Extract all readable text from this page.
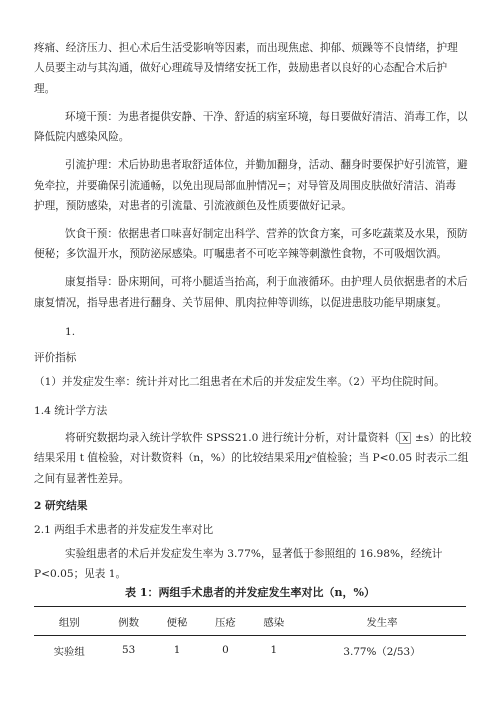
疼痛、经济压力、担心术后生活受影响等因素，而出现焦虑、抑郁、烦躁等不良情绪，护理
人员要主动与其沟通，做好心理疏导及情绪安抚工作，鼓励患者以良好的心态配合术后护
理。
环境干预：为患者提供安静、干净、舒适的病室环境，每日要做好清洁、消毒工作，以
降低院内感染风险。
引流护理：术后协助患者取舒适体位，并勤加翻身，活动、翻身时要保护好引流管，避
免牵拉，并要确保引流通畅，以免出现局部血肿情况=；对导管及周围皮肤做好清洁、消毒
护理，预防感染，对患者的引流量、引流液颜色及性质要做好记录。
饮食干预：依据患者口味喜好制定出科学、营养的饮食方案，可多吃蔬菜及水果，预防
便秘；多饮温开水，预防泌尿感染。叮嘱患者不可吃辛辣等刺激性食物，不可吸烟饮酒。
康复指导：卧床期间，可将小腿适当抬高，利于血液循环。由护理人员依据患者的术后
康复情况，指导患者进行翻身、关节屈伸、肌肉拉伸等训练，以促进患肢功能早期康复。
1.
评价指标
（1）并发症发生率：统计并对比二组患者在术后的并发症发生率。（2）平均住院时间。
1.4 统计学方法
将研究数据均录入统计学软件 SPSS21.0 进行统计分析，对计量资料（ x ±s）的比较
结果采用 t 值检验，对计数资料（n，%）的比较结果采用χ²值检验；当 P<0.05 时表示二组
之间有显著性差异。
2 研究结果
2.1 两组手术患者的并发症发生率对比
实验组患者的术后并发症发生率为 3.77%，显著低于参照组的 16.98%，经统计
P<0.05；见表 1。
表 1：两组手术患者的并发症发生率对比（n，%）
组别	例数	便秘	压疮	感染	发生率
实验组	53	1	0	1	3.77%（2/53）
